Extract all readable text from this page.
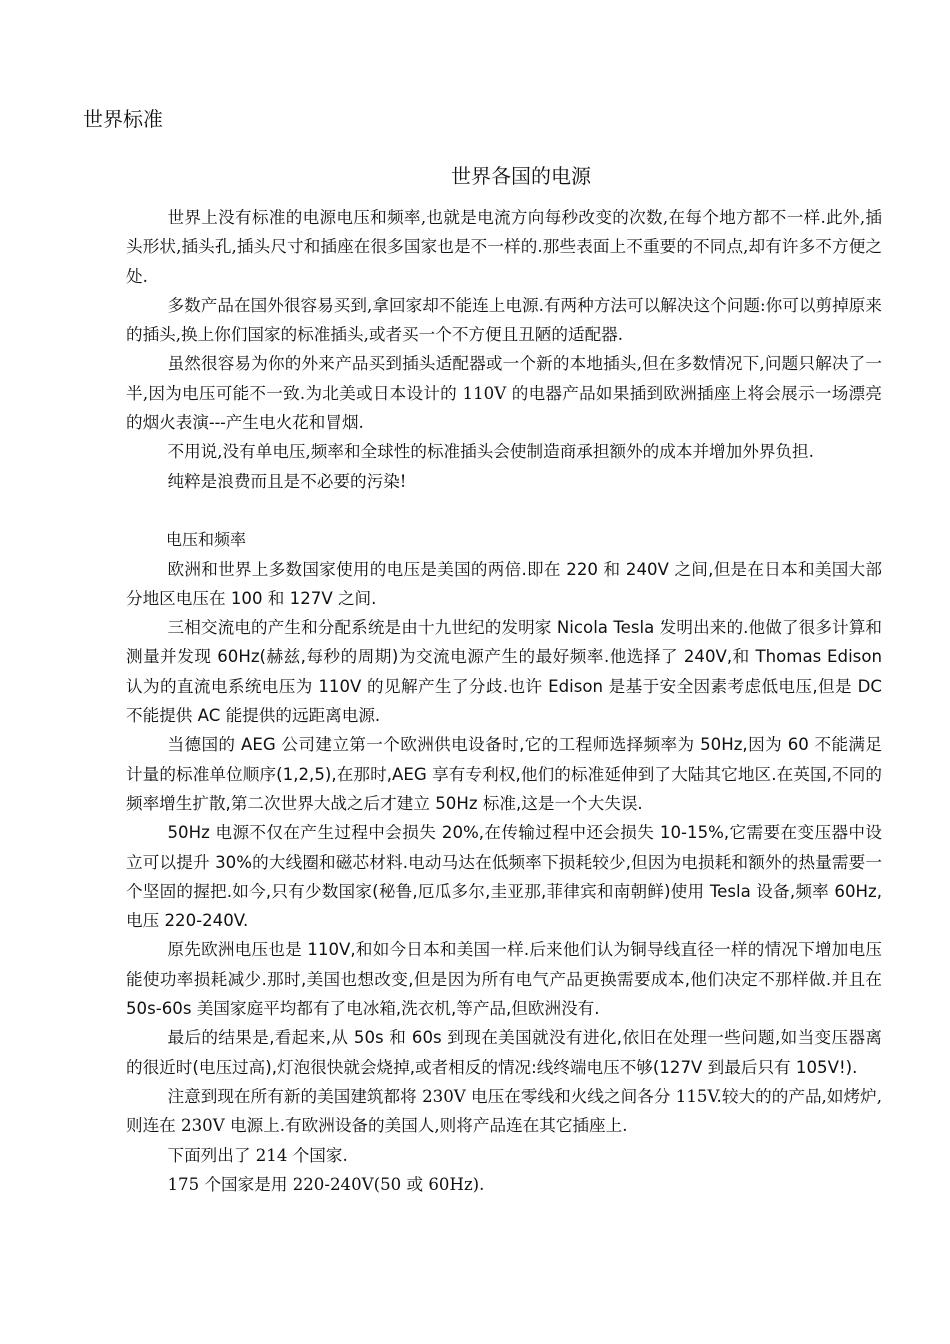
世界标准
世界各国的电源

世界上没有标准的电源电压和频率,也就是电流方向每秒改变的次数,在每个地方都不一样.此外,插头形状,插头孔,插头尺寸和插座在很多国家也是不一样的.那些表面上不重要的不同点,却有许多不方便之处.

多数产品在国外很容易买到,拿回家却不能连上电源.有两种方法可以解决这个问题:你可以剪掉原来的插头,换上你们国家的标准插头,或者买一个不方便且丑陋的适配器.

虽然很容易为你的外来产品买到插头适配器或一个新的本地插头,但在多数情况下,问题只解决了一半,因为电压可能不一致.为北美或日本设计的 110V 的电器产品如果插到欧洲插座上将会展示一场漂亮的烟火表演---产生电火花和冒烟.

不用说,没有单电压,频率和全球性的标准插头会使制造商承担额外的成本并增加外界负担.

纯粹是浪费而且是不必要的污染!

电压和频率

欧洲和世界上多数国家使用的电压是美国的两倍.即在 220 和 240V 之间,但是在日本和美国大部分地区电压在 100 和 127V 之间.

三相交流电的产生和分配系统是由十九世纪的发明家 Nicola Tesla 发明出来的.他做了很多计算和测量并发现 60Hz(赫兹,每秒的周期)为交流电源产生的最好频率.他选择了 240V,和 Thomas Edison 认为的直流电系统电压为 110V 的见解产生了分歧.也许 Edison 是基于安全因素考虑低电压,但是 DC 不能提供 AC 能提供的远距离电源.

当德国的 AEG 公司建立第一个欧洲供电设备时,它的工程师选择频率为 50Hz,因为 60 不能满足计量的标准单位顺序(1,2,5),在那时,AEG 享有专利权,他们的标准延伸到了大陆其它地区.在英国,不同的频率增生扩散,第二次世界大战之后才建立 50Hz 标准,这是一个大失误.

50Hz 电源不仅在产生过程中会损失 20%,在传输过程中还会损失 10-15%,它需要在变压器中设立可以提升 30%的大线圈和磁芯材料.电动马达在低频率下损耗较少,但因为电损耗和额外的热量需要一个坚固的握把.如今,只有少数国家(秘鲁,厄瓜多尔,圭亚那,菲律宾和南朝鲜)使用 Tesla 设备,频率 60Hz,电压 220-240V.

原先欧洲电压也是 110V,和如今日本和美国一样.后来他们认为铜导线直径一样的情况下增加电压能使功率损耗减少.那时,美国也想改变,但是因为所有电气产品更换需要成本,他们决定不那样做.并且在 50s-60s 美国家庭平均都有了电冰箱,洗衣机,等产品,但欧洲没有.

最后的结果是,看起来,从 50s 和 60s 到现在美国就没有进化,依旧在处理一些问题,如当变压器离的很近时(电压过高),灯泡很快就会烧掉,或者相反的情况:线终端电压不够(127V 到最后只有 105V!).

注意到现在所有新的美国建筑都将 230V 电压在零线和火线之间各分 115V.较大的的产品,如烤炉,则连在 230V 电源上.有欧洲设备的美国人,则将产品连在其它插座上.

下面列出了 214 个国家.

175 个国家是用 220-240V(50 或 60Hz).
